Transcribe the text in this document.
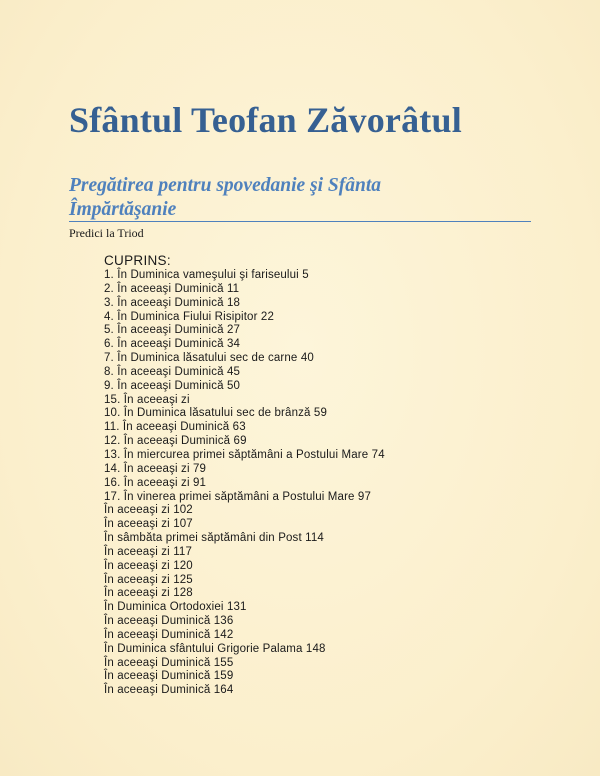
Sfântul Teofan Zăvorâtul
Pregătirea pentru spovedanie şi Sfânta Împărtăşanie
Predici la Triod

CUPRINS:

1. În Duminica vameşului şi fariseului 5
2. În aceeaşi Duminică 11
3. În aceeaşi Duminică 18
4. În Duminica Fiului Risipitor 22
5. În aceeaşi Duminică 27
6. În aceeaşi Duminică 34
7. În Duminica lăsatului sec de carne 40
8. În aceeaşi Duminică 45
9. În aceeaşi Duminică 50
15. În aceeaşi zi
10. În Duminica lăsatului sec de brânză 59
11. În aceeaşi Duminică 63
12. În aceeaşi Duminică 69
13. În miercurea primei săptămâni a Postului Mare 74
14. În aceeaşi zi 79
16. În aceeaşi zi 91
17. În vinerea primei săptămâni a Postului Mare 97
În aceeaşi zi 102
În aceeaşi zi 107
În sâmbăta primei săptămâni din Post 114
În aceeaşi zi 117
În aceeaşi zi 120
În aceeaşi zi 125
În aceeaşi zi 128
În Duminica Ortodoxiei 131
În aceeaşi Duminică 136
În aceeaşi Duminică 142
În Duminica sfântului Grigorie Palama 148
În aceeaşi Duminică 155
În aceeaşi Duminică 159
În aceeaşi Duminică 164
